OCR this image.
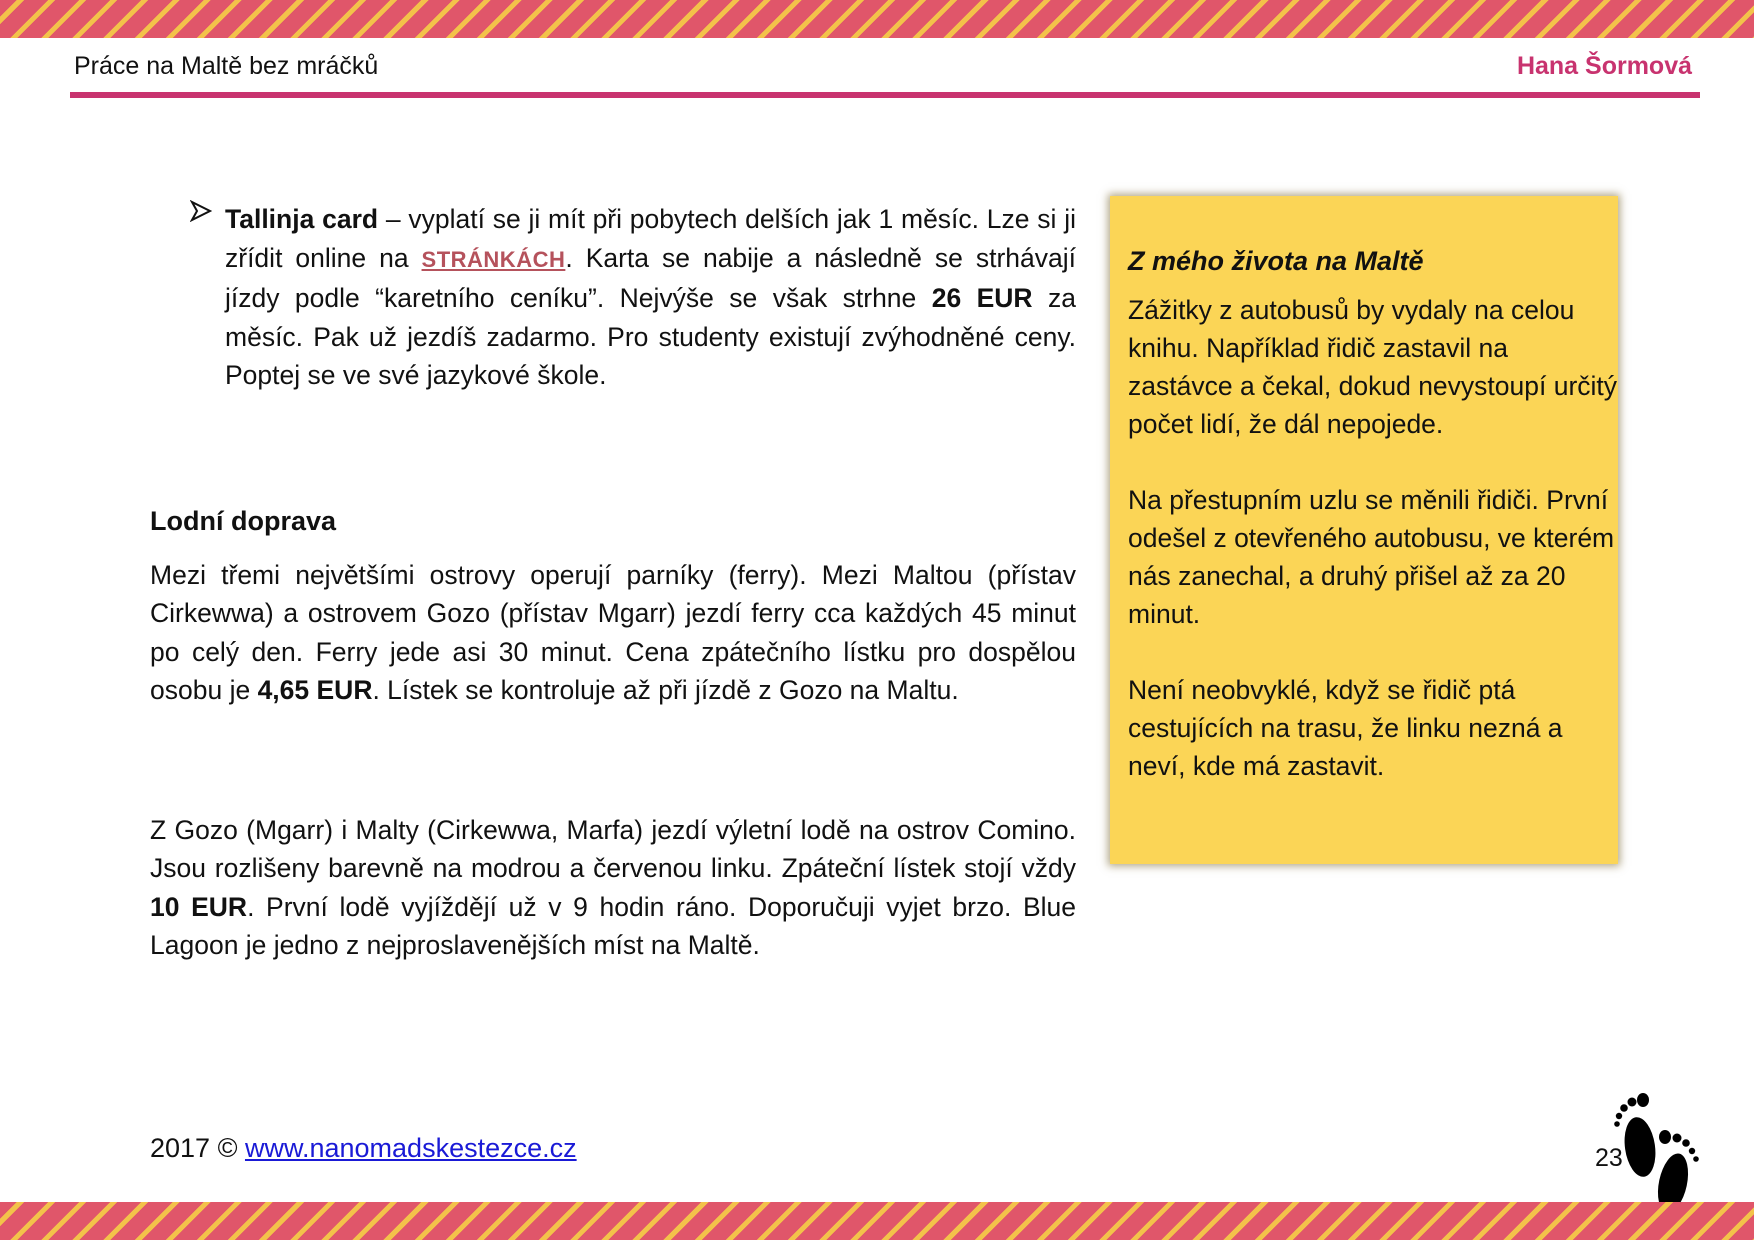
Práce na Maltě bez mráčků	Hana Šormová
Tallinja card – vyplatí se ji mít při pobytech delších jak 1 měsíc. Lze si ji zřídit online na STRÁNKÁCH. Karta se nabije a následně se strhávají jízdy podle “karetního ceníku”. Nejvýše se však strhne 26 EUR za měsíc. Pak už jezdíš zadarmo. Pro studenty existují zvýhodněné ceny. Poptej se ve své jazykové škole.
Lodní doprava
Mezi třemi největšími ostrovy operují parníky (ferry). Mezi Maltou (přístav Cirkewwa) a ostrovem Gozo (přístav Mgarr) jezdí ferry cca každých 45 minut po celý den. Ferry jede asi 30 minut. Cena zpátečního lístku pro dospělou osobu je 4,65 EUR. Lístek se kontroluje až při jízdě z Gozo na Maltu.
Z Gozo (Mgarr) i Malty (Cirkewwa, Marfa) jezdí výletní lodě na ostrov Comino. Jsou rozlišeny barevně na modrou a červenou linku. Zpáteční lístek stojí vždy 10 EUR. První lodě vyjíždějí už v 9 hodin ráno. Doporučuji vyjet brzo. Blue Lagoon je jedno z nejproslavenějších míst na Maltě.
Z mého života na Maltě

Zážitky z autobusů by vydaly na celou knihu. Například řidič zastavil na zastávce a čekal, dokud nevystoupí určitý počet lidí, že dál nepojede.

Na přestupním uzlu se měnili řidiči. První odešel z otevřeného autobusu, ve kterém nás zanechal, a druhý přišel až za 20 minut.

Není neobvyklé, když se řidič ptá cestujících na trasu, že linku nezná a neví, kde má zastavit.

2017 © www.nanomadskestezce.cz	23
